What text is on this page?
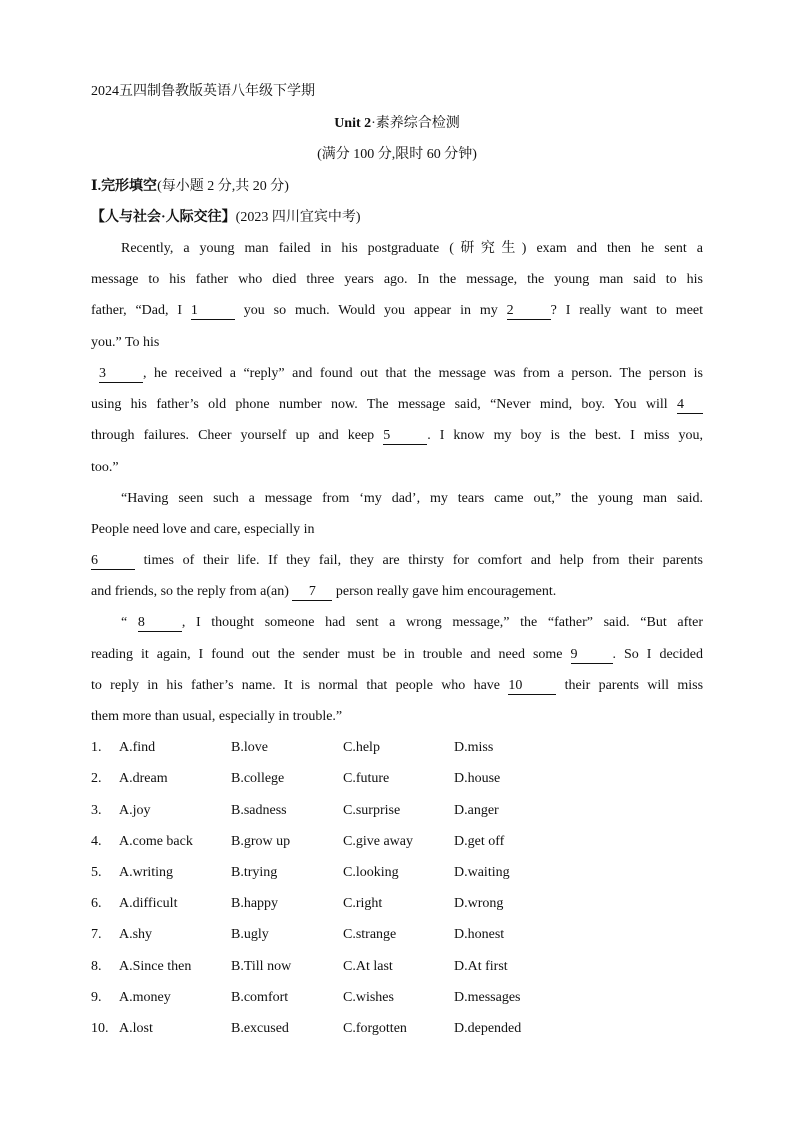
2024五四制鲁教版英语八年级下学期
Unit 2·素养综合检测
(满分 100 分,限时 60 分钟)
Ⅰ.完形填空(每小题 2 分,共 20 分)
【人与社会·人际交往】(2023 四川宜宾中考)
Recently, a young man failed in his postgraduate (研究生) exam and then he sent a
message to his father who died three years ago. In the message, the young man said to his
father, “Dad, I 1	you so much. Would you appear in my 2	? I really want to meet
you.” To his
3	, he received a “reply” and found out that the message was from a person. The person is
using his father’s old phone number now. The message said, “Never mind, boy. You will 4
through failures. Cheer yourself up and keep 5	. I know my boy is the best. I miss you,
too.”
“Having seen such a message from ‘my dad’, my tears came out,” the young man said.
People need love and care, especially in
6	times of their life. If they fail, they are thirsty for comfort and help from their parents
and friends, so the reply from a(an) 7 person really gave him encouragement.
“ 8	, I thought someone had sent a wrong message,” the “father” said. “But after
reading it again, I found out the sender must be in trouble and need some 9	. So I decided
to reply in his father’s name. It is normal that people who have 10	their parents will miss
them more than usual, especially in trouble.”
1. A.find	B.love	C.help	D.miss
2. A.dream	B.college	C.future	D.house
3. A.joy	B.sadness	C.surprise	D.anger
4. A.come back	B.grow up	C.give away	D.get off
5. A.writing	B.trying	C.looking	D.waiting
6. A.difficult	B.happy	C.right	D.wrong
7. A.shy	B.ugly	C.strange	D.honest
8. A.Since then	B.Till now	C.At last	D.At first
9. A.money	B.comfort	C.wishes	D.messages
10. A.lost	B.excused	C.forgotten	D.depended
